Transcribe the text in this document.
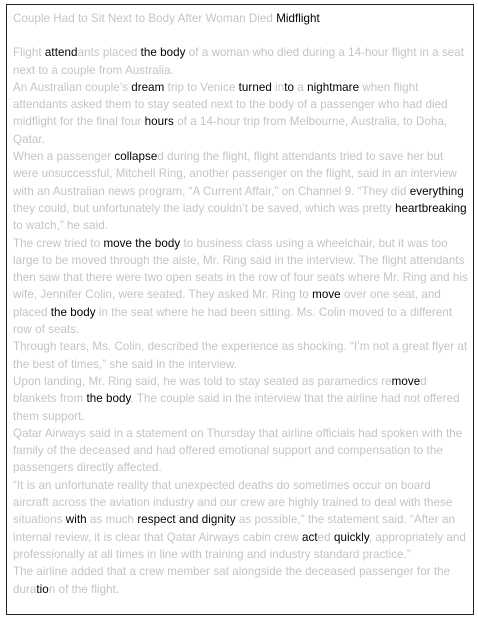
Couple Had to Sit Next to Body After Woman Died Midflight

Flight attendants placed the body of a woman who died during a 14-hour flight in a seat next to a couple from Australia.

An Australian couple’s dream trip to Venice turned into a nightmare when flight attendants asked them to stay seated next to the body of a passenger who had died midflight for the final four hours of a 14-hour trip from Melbourne, Australia, to Doha, Qatar.

When a passenger collapsed during the flight, flight attendants tried to save her but were unsuccessful, Mitchell Ring, another passenger on the flight, said in an interview with an Australian news program, “A Current Affair,” on Channel 9. “They did everything they could, but unfortunately the lady couldn’t be saved, which was pretty heartbreaking to watch,” he said.

The crew tried to move the body to business class using a wheelchair, but it was too large to be moved through the aisle, Mr. Ring said in the interview. The flight attendants then saw that there were two open seats in the row of four seats where Mr. Ring and his wife, Jennifer Colin, were seated. They asked Mr. Ring to move over one seat, and placed the body in the seat where he had been sitting. Ms. Colin moved to a different row of seats.

Through tears, Ms. Colin, described the experience as shocking. “I’m not a great flyer at the best of times,” she said in the interview.

Upon landing, Mr. Ring said, he was told to stay seated as paramedics removed blankets from the body. The couple said in the interview that the airline had not offered them support.

Qatar Airways said in a statement on Thursday that airline officials had spoken with the family of the deceased and had offered emotional support and compensation to the passengers directly affected.

“It is an unfortunate reality that unexpected deaths do sometimes occur on board aircraft across the aviation industry and our crew are highly trained to deal with these situations with as much respect and dignity as possible,” the statement said. “After an internal review, it is clear that Qatar Airways cabin crew acted quickly, appropriately and professionally at all times in line with training and industry standard practice.”

The airline added that a crew member sat alongside the deceased passenger for the duration of the flight.
